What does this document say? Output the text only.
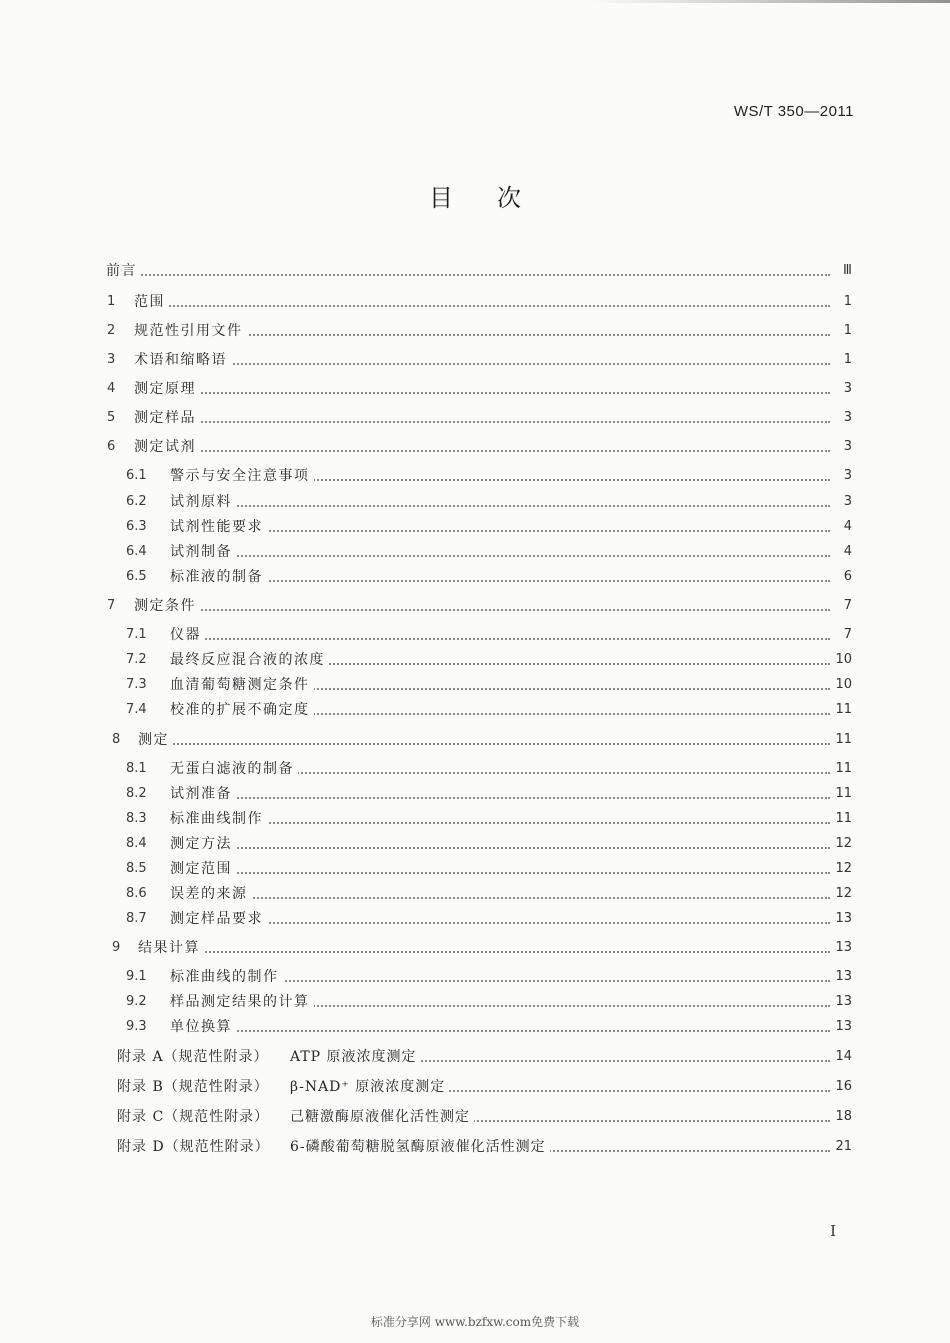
WS/T 350—2011
目次
前言	Ⅲ
1 范围	1
2 规范性引用文件	1
3 术语和缩略语	1
4 测定原理	3
5 测定样品	3
6 测定试剂	3
6.1 警示与安全注意事项	3
6.2 试剂原料	3
6.3 试剂性能要求	4
6.4 试剂制备	4
6.5 标准液的制备	6
7 测定条件	7
7.1 仪器	7
7.2 最终反应混合液的浓度	10
7.3 血清葡萄糖测定条件	10
7.4 校准的扩展不确定度	11
8 测定	11
8.1 无蛋白滤液的制备	11
8.2 试剂准备	11
8.3 标准曲线制作	11
8.4 测定方法	12
8.5 测定范围	12
8.6 误差的来源	12
8.7 测定样品要求	13
9 结果计算	13
9.1 标准曲线的制作	13
9.2 样品测定结果的计算	13
9.3 单位换算	13
附录 A（规范性附录） ATP 原液浓度测定	14
附录 B（规范性附录） β-NAD⁺ 原液浓度测定	16
附录 C（规范性附录） 己糖激酶原液催化活性测定	18
附录 D（规范性附录） 6-磷酸葡萄糖脱氢酶原液催化活性测定	21
I
标准分享网 www.bzfxw.com免费下载
